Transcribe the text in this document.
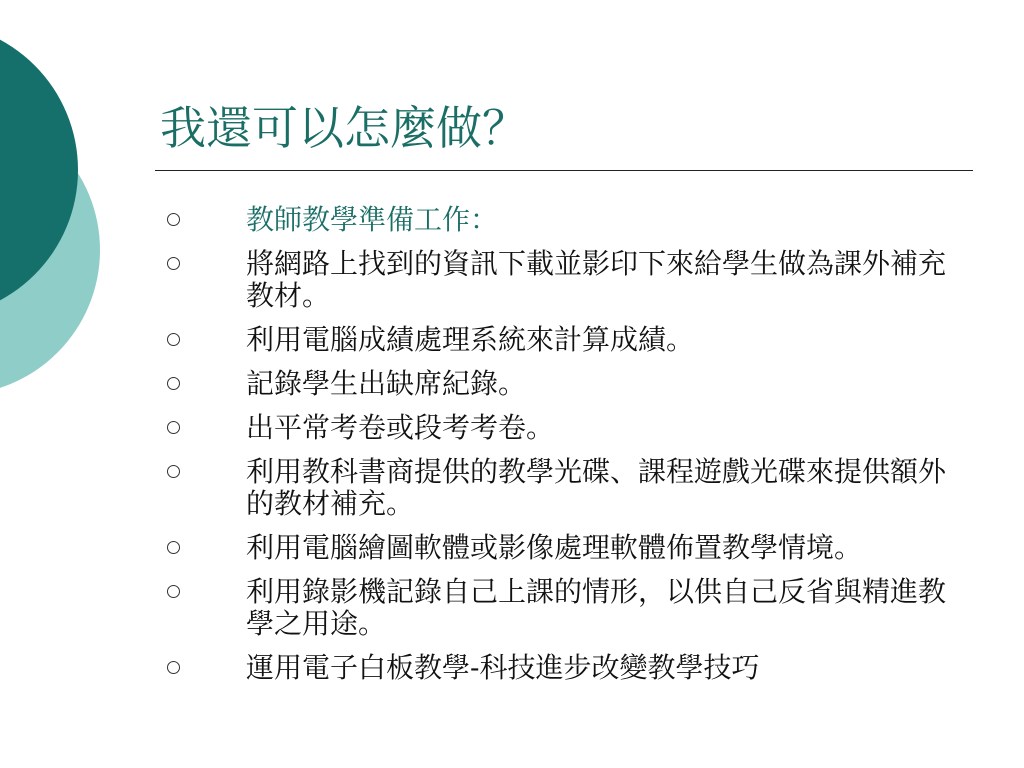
我還可以怎麼做？
教師教學準備工作：
將網路上找到的資訊下載並影印下來給學生做為課外補充教材。
利用電腦成績處理系統來計算成績。
記錄學生出缺席紀錄。
出平常考卷或段考考卷。
利用教科書商提供的教學光碟、課程遊戲光碟來提供額外的教材補充。
利用電腦繪圖軟體或影像處理軟體佈置教學情境。
利用錄影機記錄自己上課的情形，以供自己反省與精進教學之用途。
運用電子白板教學-科技進步改變教學技巧
